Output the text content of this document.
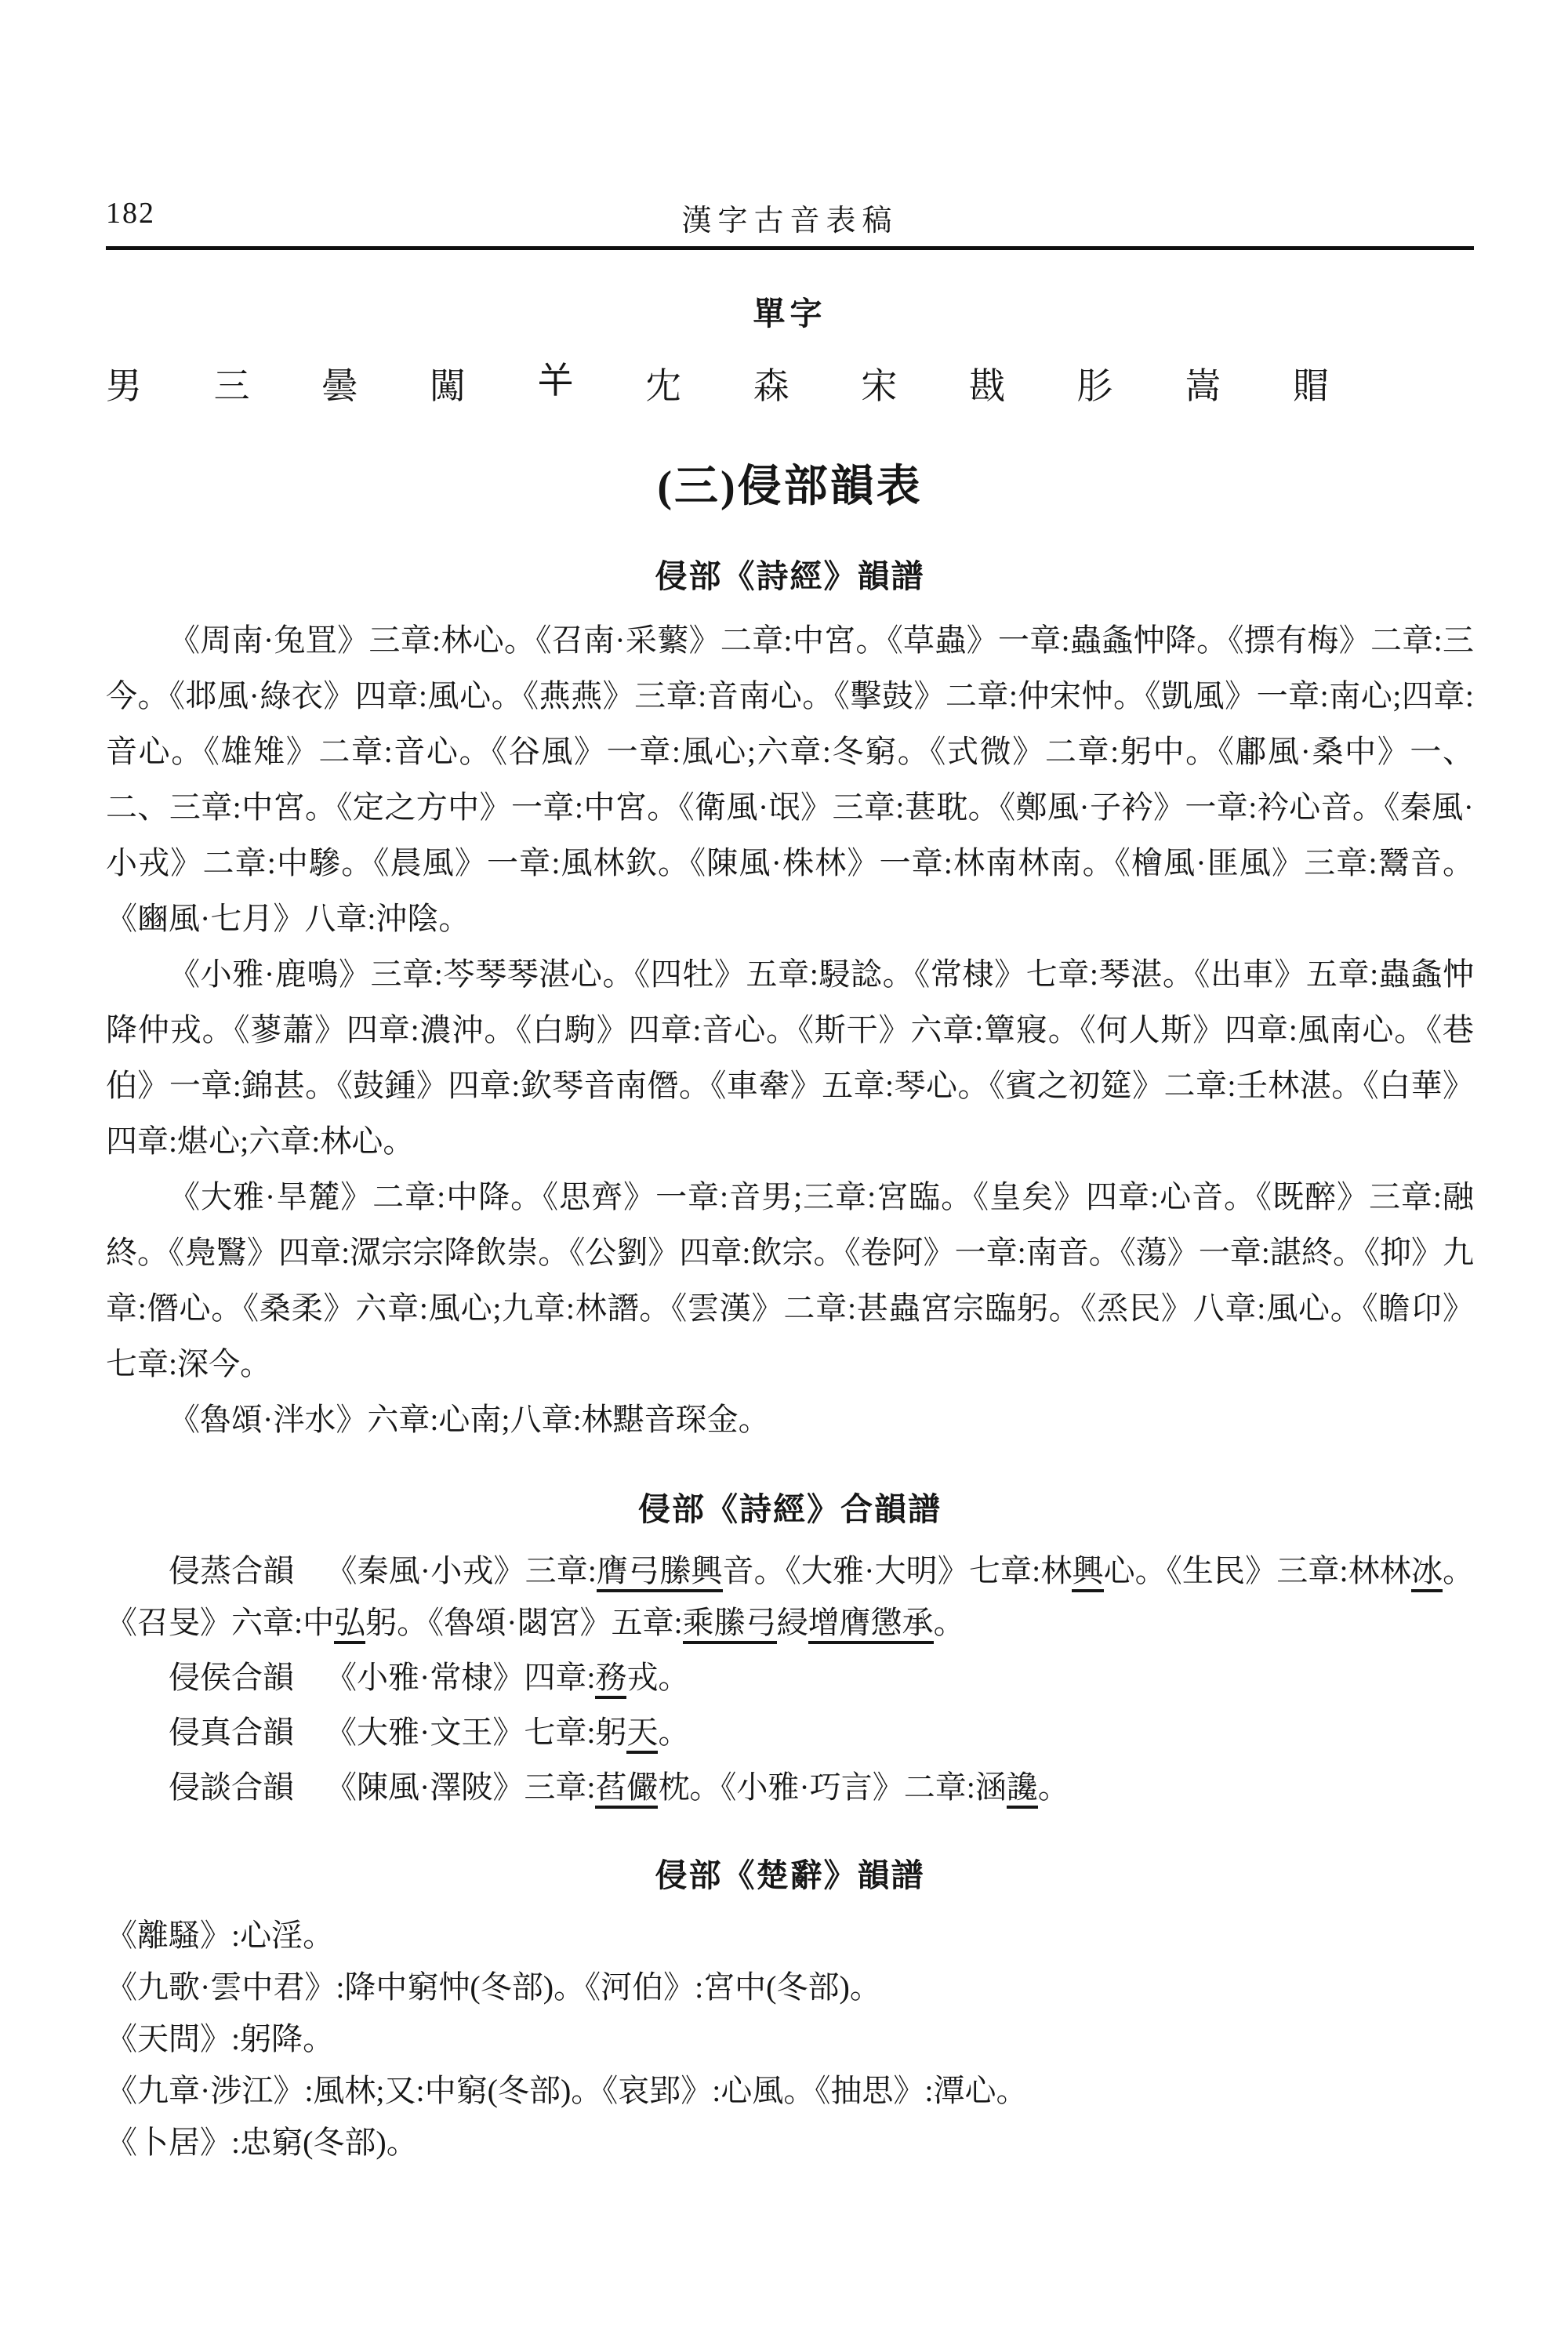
182	漢字古音表稿
單字
男 三 曇 闖 𢆉 冘 森 宋 戡 肜 嵩 賵
(三)侵部韻表
侵部《詩經》韻譜

《周南·兔罝》三章:林心。《召南·采蘩》二章:中宮。《草蟲》一章:蟲螽忡降。《摽有梅》二章:三今。《邶風·綠衣》四章:風心。《燕燕》三章:音南心。《擊鼓》二章:仲宋忡。《凱風》一章:南心;四章:音心。《雄雉》二章:音心。《谷風》一章:風心;六章:冬窮。《式微》二章:躬中。《鄘風·桑中》一、二、三章:中宮。《定之方中》一章:中宮。《衛風·氓》三章:葚耽。《鄭風·子衿》一章:衿心音。《秦風·小戎》二章:中驂。《晨風》一章:風林欽。《陳風·株林》一章:林南林南。《檜風·匪風》三章:鬵音。《豳風·七月》八章:沖陰。

《小雅·鹿鳴》三章:芩琴琴湛心。《四牡》五章:駸諗。《常棣》七章:琴湛。《出車》五章:蟲螽忡降仲戎。《蓼蕭》四章:濃沖。《白駒》四章:音心。《斯干》六章:簟寢。《何人斯》四章:風南心。《巷伯》一章:錦甚。《鼓鍾》四章:欽琴音南僭。《車舝》五章:琴心。《賓之初筵》二章:壬林湛。《白華》四章:煁心;六章:林心。

《大雅·旱麓》二章:中降。《思齊》一章:音男;三章:宮臨。《皇矣》四章:心音。《既醉》三章:融終。《鳧鷖》四章:潀宗宗降飲崇。《公劉》四章:飲宗。《卷阿》一章:南音。《蕩》一章:諶終。《抑》九章:僭心。《桑柔》六章:風心;九章:林譖。《雲漢》二章:甚蟲宮宗臨躬。《烝民》八章:風心。《瞻卬》七章:深今。

《魯頌·泮水》六章:心南;八章:林黮音琛金。

侵部《詩經》合韻譜

侵蒸合韻 《秦風·小戎》三章:膺弓縢興音。《大雅·大明》七章:林興心。《生民》三章:林林冰。《召旻》六章:中弘躬。《魯頌·閟宮》五章:乘縢弓綅增膺懲承。

侵侯合韻 《小雅·常棣》四章:務戎。

侵真合韻 《大雅·文王》七章:躬天。

侵談合韻 《陳風·澤陂》三章:萏儼枕。《小雅·巧言》二章:涵讒。

侵部《楚辭》韻譜

《離騷》:心淫。

《九歌·雲中君》:降中窮忡(冬部)。《河伯》:宮中(冬部)。

《天問》:躬降。

《九章·涉江》:風林;又:中窮(冬部)。《哀郢》:心風。《抽思》:潭心。

《卜居》:忠窮(冬部)。
